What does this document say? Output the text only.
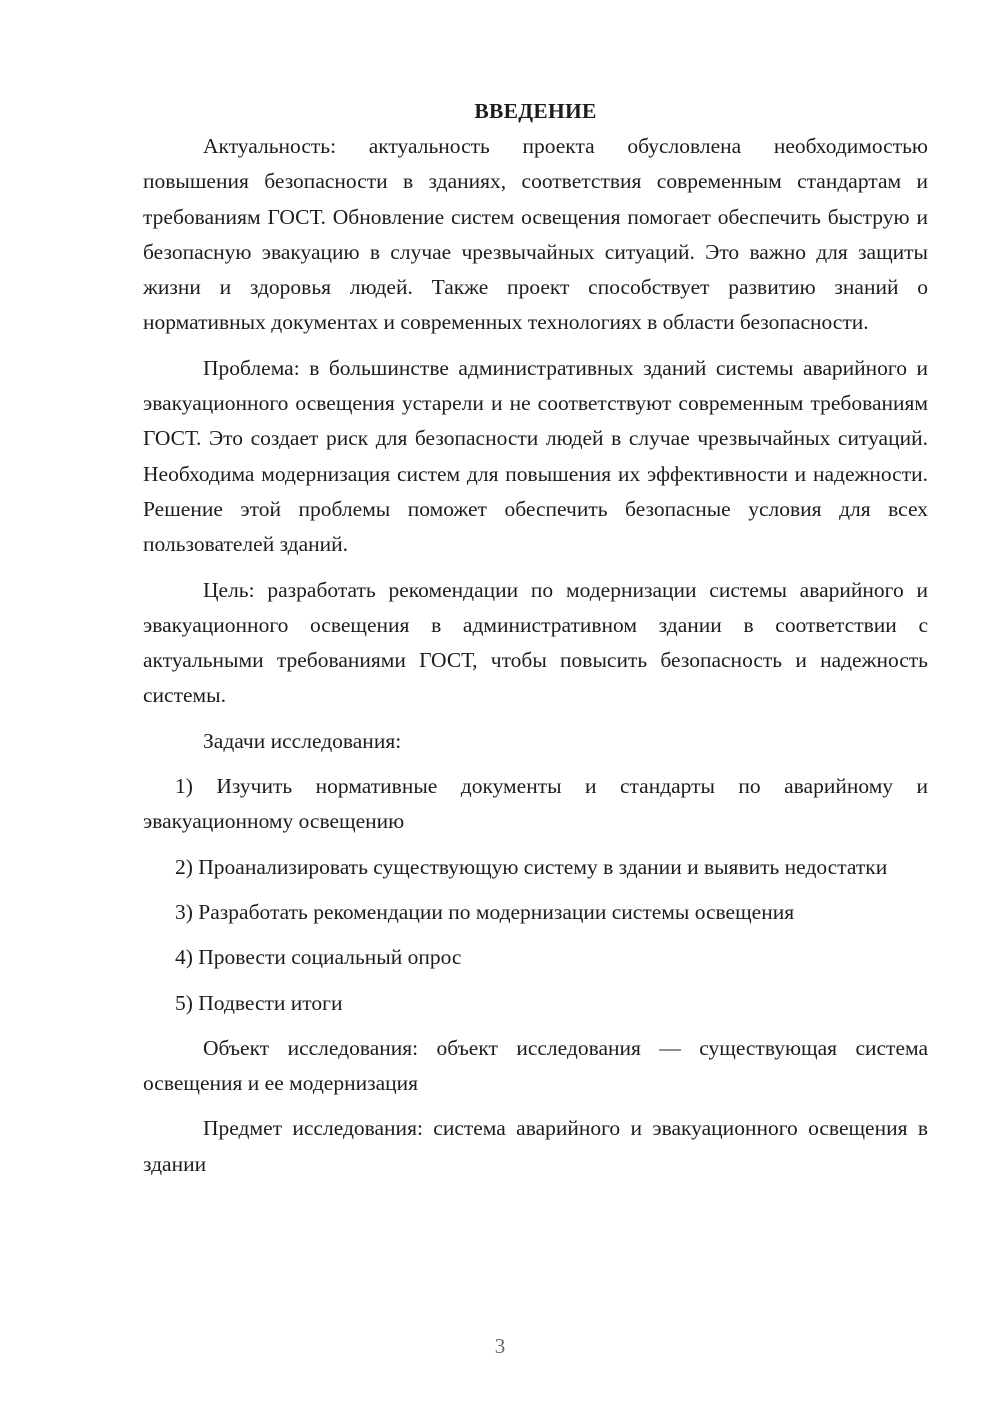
ВВЕДЕНИЕ

Актуальность: актуальность проекта обусловлена необходимостью повышения безопасности в зданиях, соответствия современным стандартам и требованиям ГОСТ. Обновление систем освещения помогает обеспечить быструю и безопасную эвакуацию в случае чрезвычайных ситуаций. Это важно для защиты жизни и здоровья людей. Также проект способствует развитию знаний о нормативных документах и современных технологиях в области безопасности.

Проблема: в большинстве административных зданий системы аварийного и эвакуационного освещения устарели и не соответствуют современным требованиям ГОСТ. Это создает риск для безопасности людей в случае чрезвычайных ситуаций. Необходима модернизация систем для повышения их эффективности и надежности. Решение этой проблемы поможет обеспечить безопасные условия для всех пользователей зданий.

Цель: разработать рекомендации по модернизации системы аварийного и эвакуационного освещения в административном здании в соответствии с актуальными требованиями ГОСТ, чтобы повысить безопасность и надежность системы.

Задачи исследования:

1) Изучить нормативные документы и стандарты по аварийному и эвакуационному освещению
2) Проанализировать существующую систему в здании и выявить недостатки
3) Разработать рекомендации по модернизации системы освещения
4) Провести социальный опрос
5) Подвести итоги

Объект исследования: объект исследования — существующая система освещения и ее модернизация

Предмет исследования: система аварийного и эвакуационного освещения в здании

3
